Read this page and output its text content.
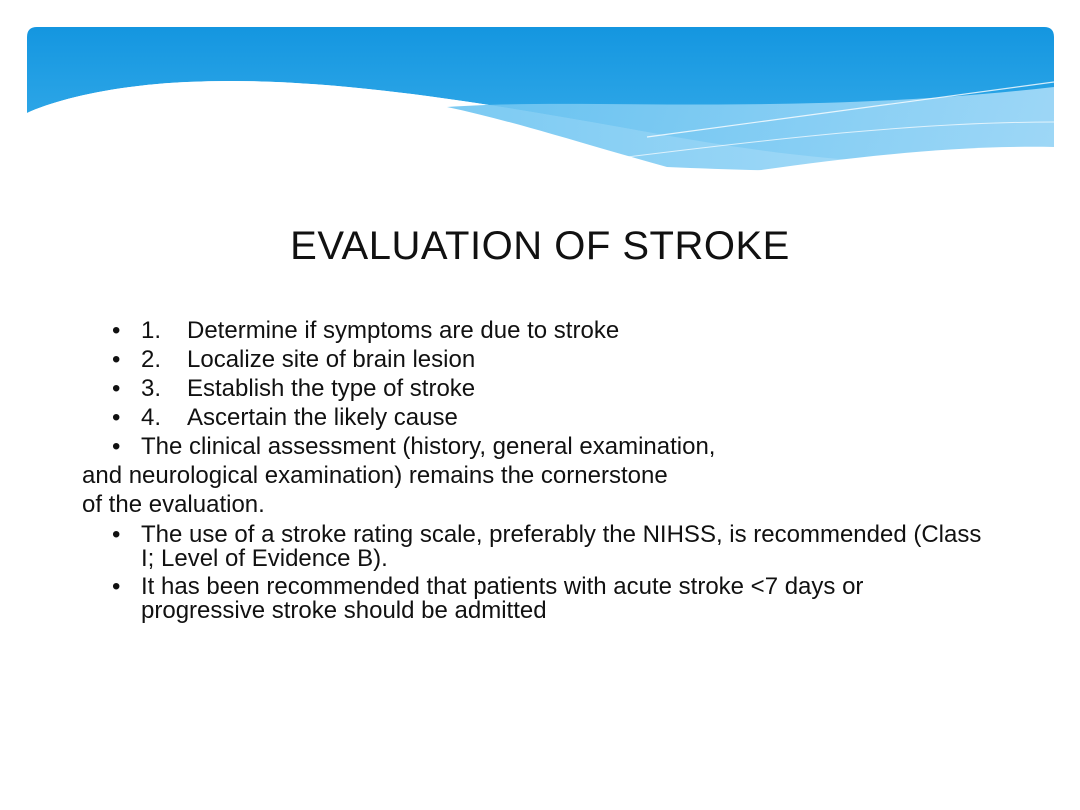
EVALUATION OF STROKE
• 1. Determine if symptoms are due to stroke
• 2. Localize site of brain lesion
• 3. Establish the type of stroke
• 4. Ascertain the likely cause
• The clinical assessment (history, general examination,
and neurological examination) remains the cornerstone
of the evaluation.
• The use of a stroke rating scale, preferably the NIHSS, is recommended (Class I; Level of Evidence B).
• It has been recommended that patients with acute stroke <7 days or progressive stroke should be admitted
